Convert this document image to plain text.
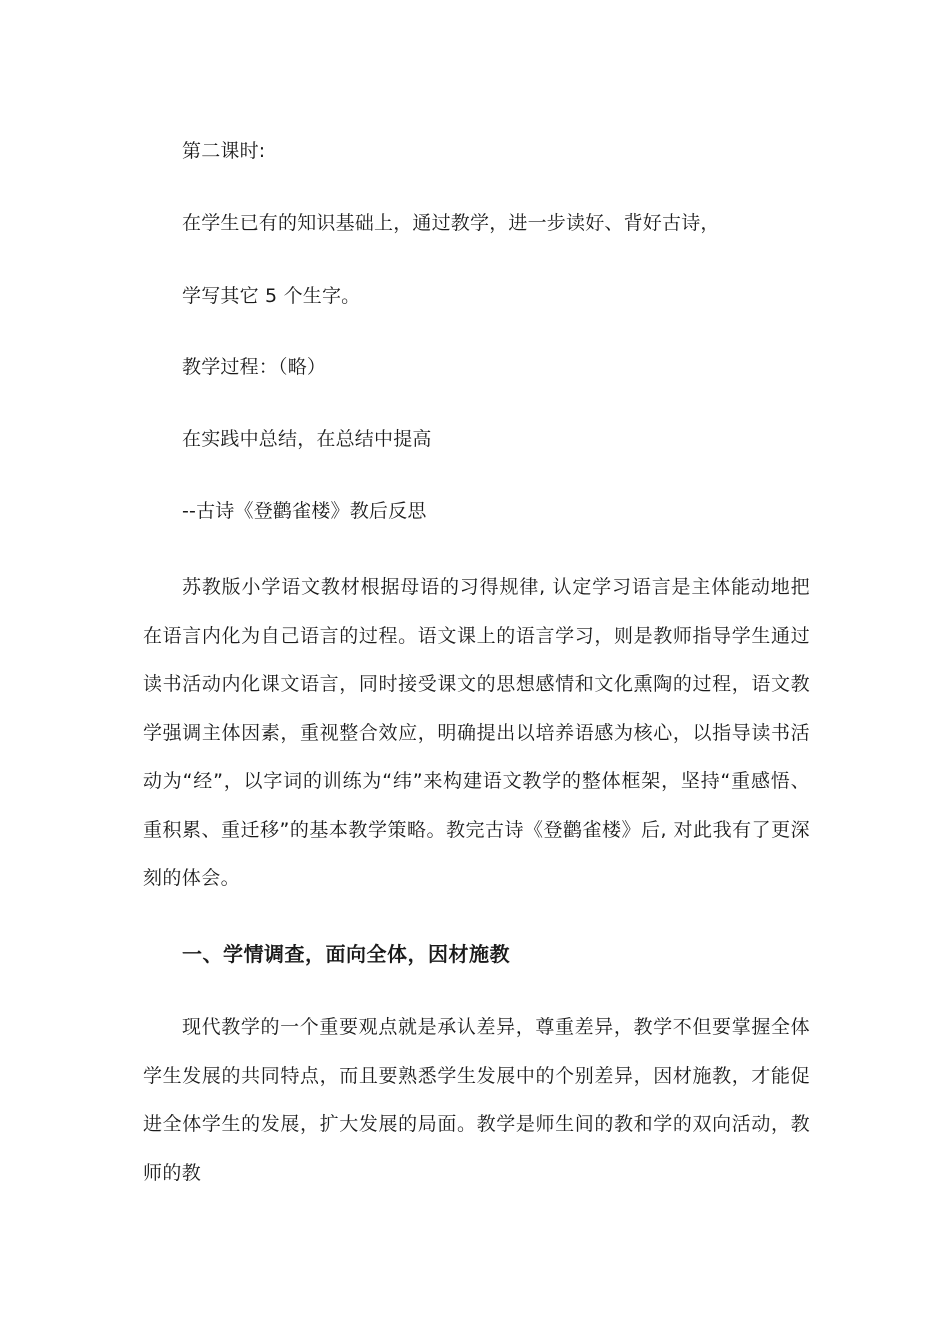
第二课时:
在学生已有的知识基础上，通过教学，进一步读好、背好古诗，
学写其它 5 个生字。
教学过程：（略）
在实践中总结，在总结中提高
--古诗《登鹳雀楼》教后反思

苏教版小学语文教材根据母语的习得规律, 认定学习语言是主体能动地把在语言内化为自己语言的过程。语文课上的语言学习，则是教师指导学生通过读书活动内化课文语言，同时接受课文的思想感情和文化熏陶的过程，语文教学强调主体因素，重视整合效应，明确提出以培养语感为核心，以指导读书活动为“经”，以字词的训练为“纬”来构建语文教学的整体框架，坚持“重感悟、重积累、重迁移”的基本教学策略。教完古诗《登鹳雀楼》后, 对此我有了更深刻的体会。

一、学情调查，面向全体，因材施教

现代教学的一个重要观点就是承认差异，尊重差异，教学不但要掌握全体学生发展的共同特点，而且要熟悉学生发展中的个别差异，因材施教，才能促进全体学生的发展，扩大发展的局面。教学是师生间的教和学的双向活动，教师的教
